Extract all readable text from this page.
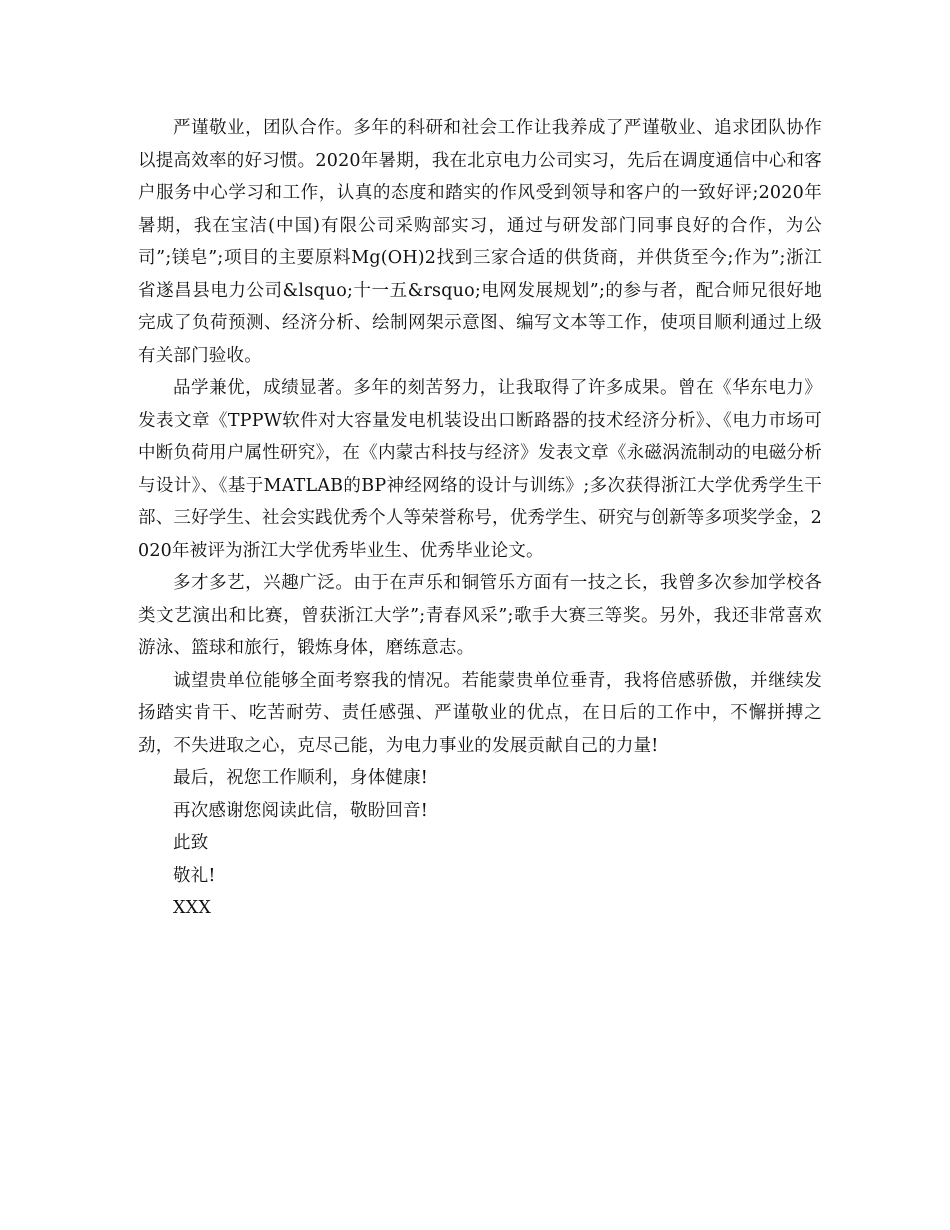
严谨敬业，团队合作。多年的科研和社会工作让我养成了严谨敬业、追求团队协作以提高效率的好习惯。2020年暑期，我在北京电力公司实习，先后在调度通信中心和客户服务中心学习和工作，认真的态度和踏实的作风受到领导和客户的一致好评;2020年暑期，我在宝洁(中国)有限公司采购部实习，通过与研发部门同事良好的合作，为公司”;镁皂”;项目的主要原料Mg(OH)2找到三家合适的供货商，并供货至今;作为”;浙江省遂昌县电力公司&lsquo;十一五&rsquo;电网发展规划”;的参与者，配合师兄很好地完成了负荷预测、经济分析、绘制网架示意图、编写文本等工作，使项目顺利通过上级有关部门验收。

品学兼优，成绩显著。多年的刻苦努力，让我取得了许多成果。曾在《华东电力》发表文章《TPPW软件对大容量发电机装设出口断路器的技术经济分析》、《电力市场可中断负荷用户属性研究》，在《内蒙古科技与经济》发表文章《永磁涡流制动的电磁分析与设计》、《基于MATLAB的BP神经网络的设计与训练》;多次获得浙江大学优秀学生干部、三好学生、社会实践优秀个人等荣誉称号，优秀学生、研究与创新等多项奖学金，2020年被评为浙江大学优秀毕业生、优秀毕业论文。

多才多艺，兴趣广泛。由于在声乐和铜管乐方面有一技之长，我曾多次参加学校各类文艺演出和比赛，曾获浙江大学”;青春风采”;歌手大赛三等奖。另外，我还非常喜欢游泳、篮球和旅行，锻炼身体，磨练意志。

诚望贵单位能够全面考察我的情况。若能蒙贵单位垂青，我将倍感骄傲，并继续发扬踏实肯干、吃苦耐劳、责任感强、严谨敬业的优点，在日后的工作中，不懈拼搏之劲，不失进取之心，克尽己能，为电力事业的发展贡献自己的力量!

最后，祝您工作顺利，身体健康!

再次感谢您阅读此信，敬盼回音!

此致

敬礼!

XXX
